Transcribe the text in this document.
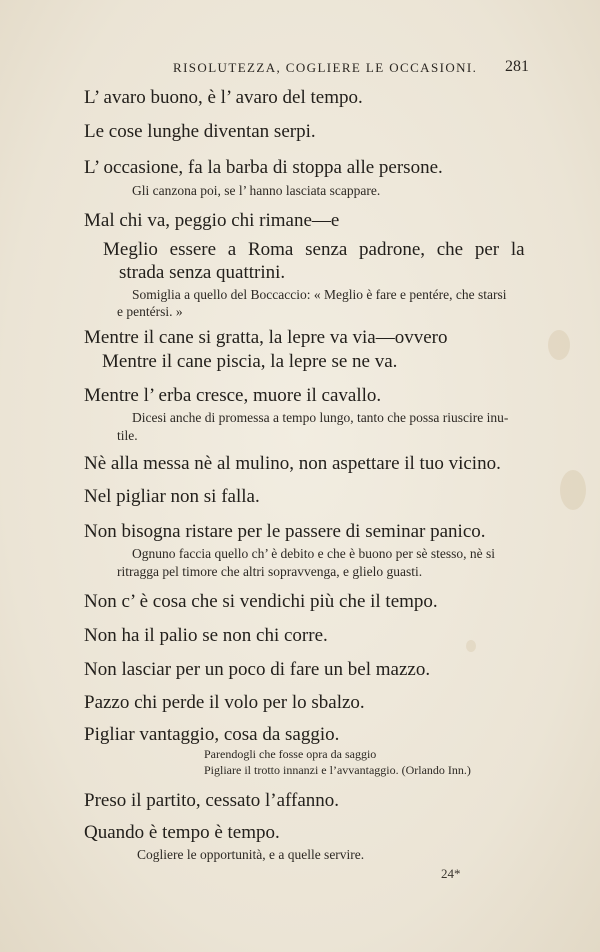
RISOLUTEZZA, COGLIERE LE OCCASIONI. 281
L’ avaro buono, è l’ avaro del tempo.
Le cose lunghe diventan serpi.
L’ occasione, fa la barba di stoppa alle persone.
Gli canzona poi, se l’ hanno lasciata scappare.
Mal chi va, peggio chi rimane—e
Meglio essere a Roma senza padrone, che per la
strada senza quattrini.
Somiglia a quello del Boccaccio: « Meglio è fare e pentére, che starsi
e pentérsi. »
Mentre il cane si gratta, la lepre va via—ovvero
Mentre il cane piscia, la lepre se ne va.
Mentre l’ erba cresce, muore il cavallo.
Dicesi anche di promessa a tempo lungo, tanto che possa riuscire inu-
tile.
Nè alla messa nè al mulino, non aspettare il tuo vicino.
Nel pigliar non si falla.
Non bisogna ristare per le passere di seminar panico.
Ognuno faccia quello ch’ è debito e che è buono per sè stesso, nè si
ritragga pel timore che altri sopravvenga, e glielo guasti.
Non c’ è cosa che si vendichi più che il tempo.
Non ha il palio se non chi corre.
Non lasciar per un poco di fare un bel mazzo.
Pazzo chi perde il volo per lo sbalzo.
Pigliar vantaggio, cosa da saggio.
Parendogli che fosse opra da saggio
Pigliare il trotto innanzi e l’avvantaggio. (Orlando Inn.)
Preso il partito, cessato l’affanno.
Quando è tempo è tempo.
Cogliere le opportunità, e a quelle servire.
24*
